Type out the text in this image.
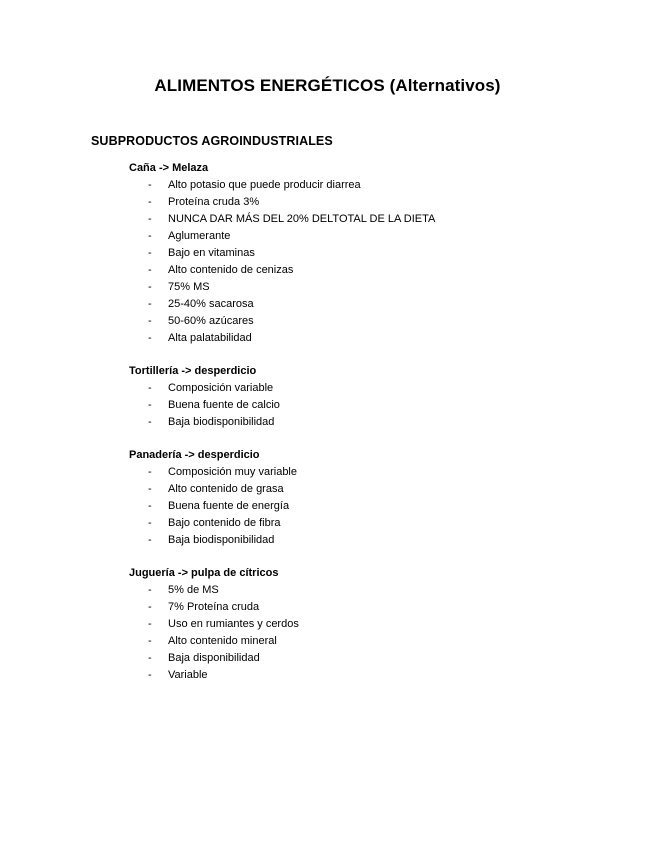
ALIMENTOS ENERGÉTICOS (Alternativos)
SUBPRODUCTOS AGROINDUSTRIALES
Caña -> Melaza
- Alto potasio que puede producir diarrea
- Proteína cruda 3%
- NUNCA DAR MÁS DEL 20% DELTOTAL DE LA DIETA
- Aglumerante
- Bajo en vitaminas
- Alto contenido de cenizas
- 75% MS
- 25-40% sacarosa
- 50-60% azúcares
- Alta palatabilidad
Tortillería -> desperdicio
- Composición variable
- Buena fuente de calcio
- Baja biodisponibilidad
Panadería -> desperdicio
- Composición muy variable
- Alto contenido de grasa
- Buena fuente de energía
- Bajo contenido de fibra
- Baja biodisponibilidad
Juguería -> pulpa de cítricos
- 5% de MS
- 7% Proteína cruda
- Uso en rumiantes y cerdos
- Alto contenido mineral
- Baja disponibilidad
- Variable
